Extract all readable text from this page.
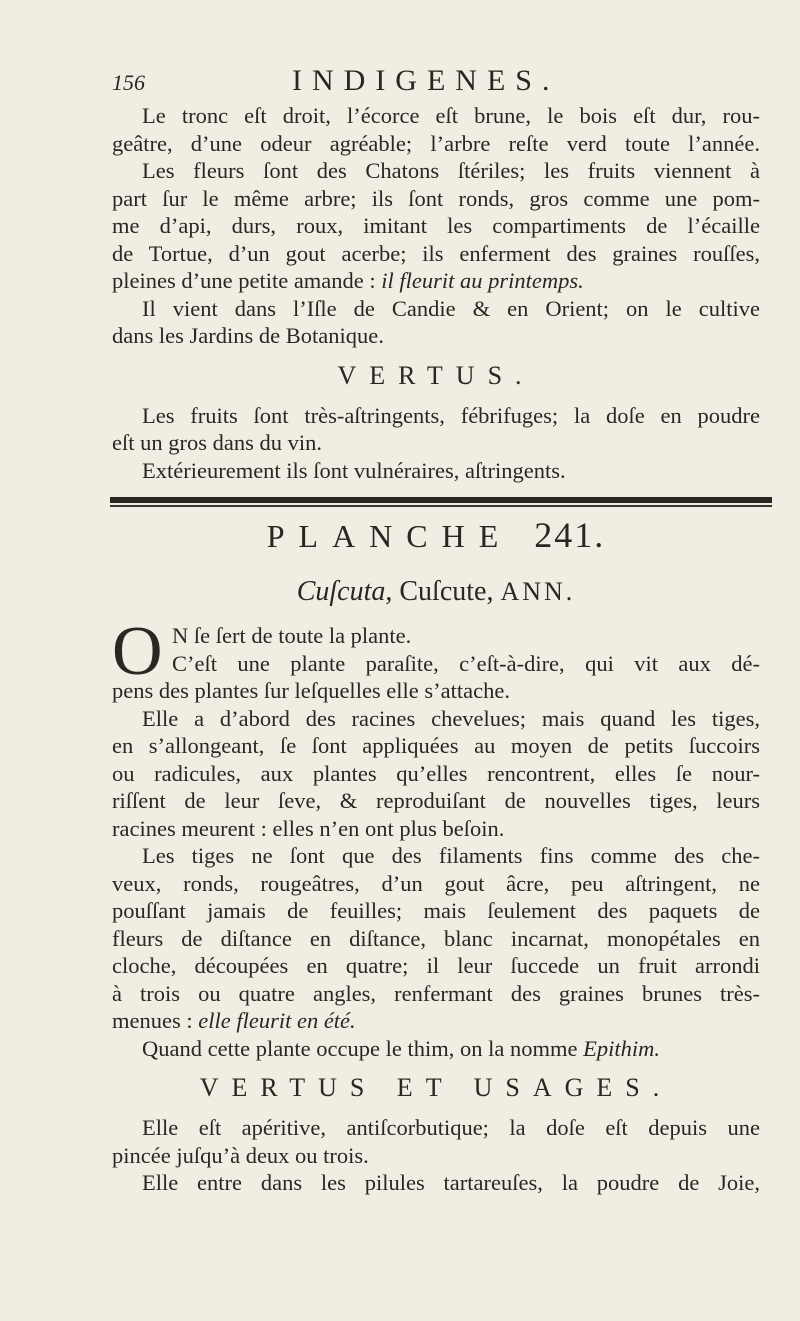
156	INDIGENES.
Le tronc eſt droit, l’écorce eſt brune, le bois eſt dur, rou-
geâtre, d’une odeur agréable; l’arbre reſte verd toute l’année.
Les fleurs ſont des Chatons ſtériles; les fruits viennent à
part ſur le même arbre; ils ſont ronds, gros comme une pom-
me d’api, durs, roux, imitant les compartiments de l’écaille
de Tortue, d’un gout acerbe; ils enferment des graines rouſſes,
pleines d’une petite amande : il fleurit au printemps.
Il vient dans l’Iſle de Candie & en Orient; on le cultive
dans les Jardins de Botanique.
VERTUS.
Les fruits ſont très-aſtringents, fébrifuges; la doſe en poudre
eſt un gros dans du vin.
Extérieurement ils ſont vulnéraires, aſtringents.
PLANCHE 241.
Cuſcuta, Cuſcute, ANN.
O N ſe ſert de toute la plante.
C’eſt une plante paraſite, c’eſt-à-dire, qui vit aux dé-
pens des plantes ſur leſquelles elle s’attache.
Elle a d’abord des racines chevelues; mais quand les tiges,
en s’allongeant, ſe ſont appliquées au moyen de petits ſuccoirs
ou radicules, aux plantes qu’elles rencontrent, elles ſe nour-
riſſent de leur ſeve, & reproduiſant de nouvelles tiges, leurs
racines meurent : elles n’en ont plus beſoin.
Les tiges ne ſont que des filaments fins comme des che-
veux, ronds, rougeâtres, d’un gout âcre, peu aſtringent, ne
pouſſant jamais de feuilles; mais ſeulement des paquets de
fleurs de diſtance en diſtance, blanc incarnat, monopétales en
cloche, découpées en quatre; il leur ſuccede un fruit arrondi
à trois ou quatre angles, renfermant des graines brunes très-
menues : elle fleurit en été.
Quand cette plante occupe le thim, on la nomme Epithim.
VERTUS ET USAGES.
Elle eſt apéritive, antiſcorbutique; la doſe eſt depuis une
pincée juſqu’à deux ou trois.
Elle entre dans les pilules tartareuſes, la poudre de Joie,
